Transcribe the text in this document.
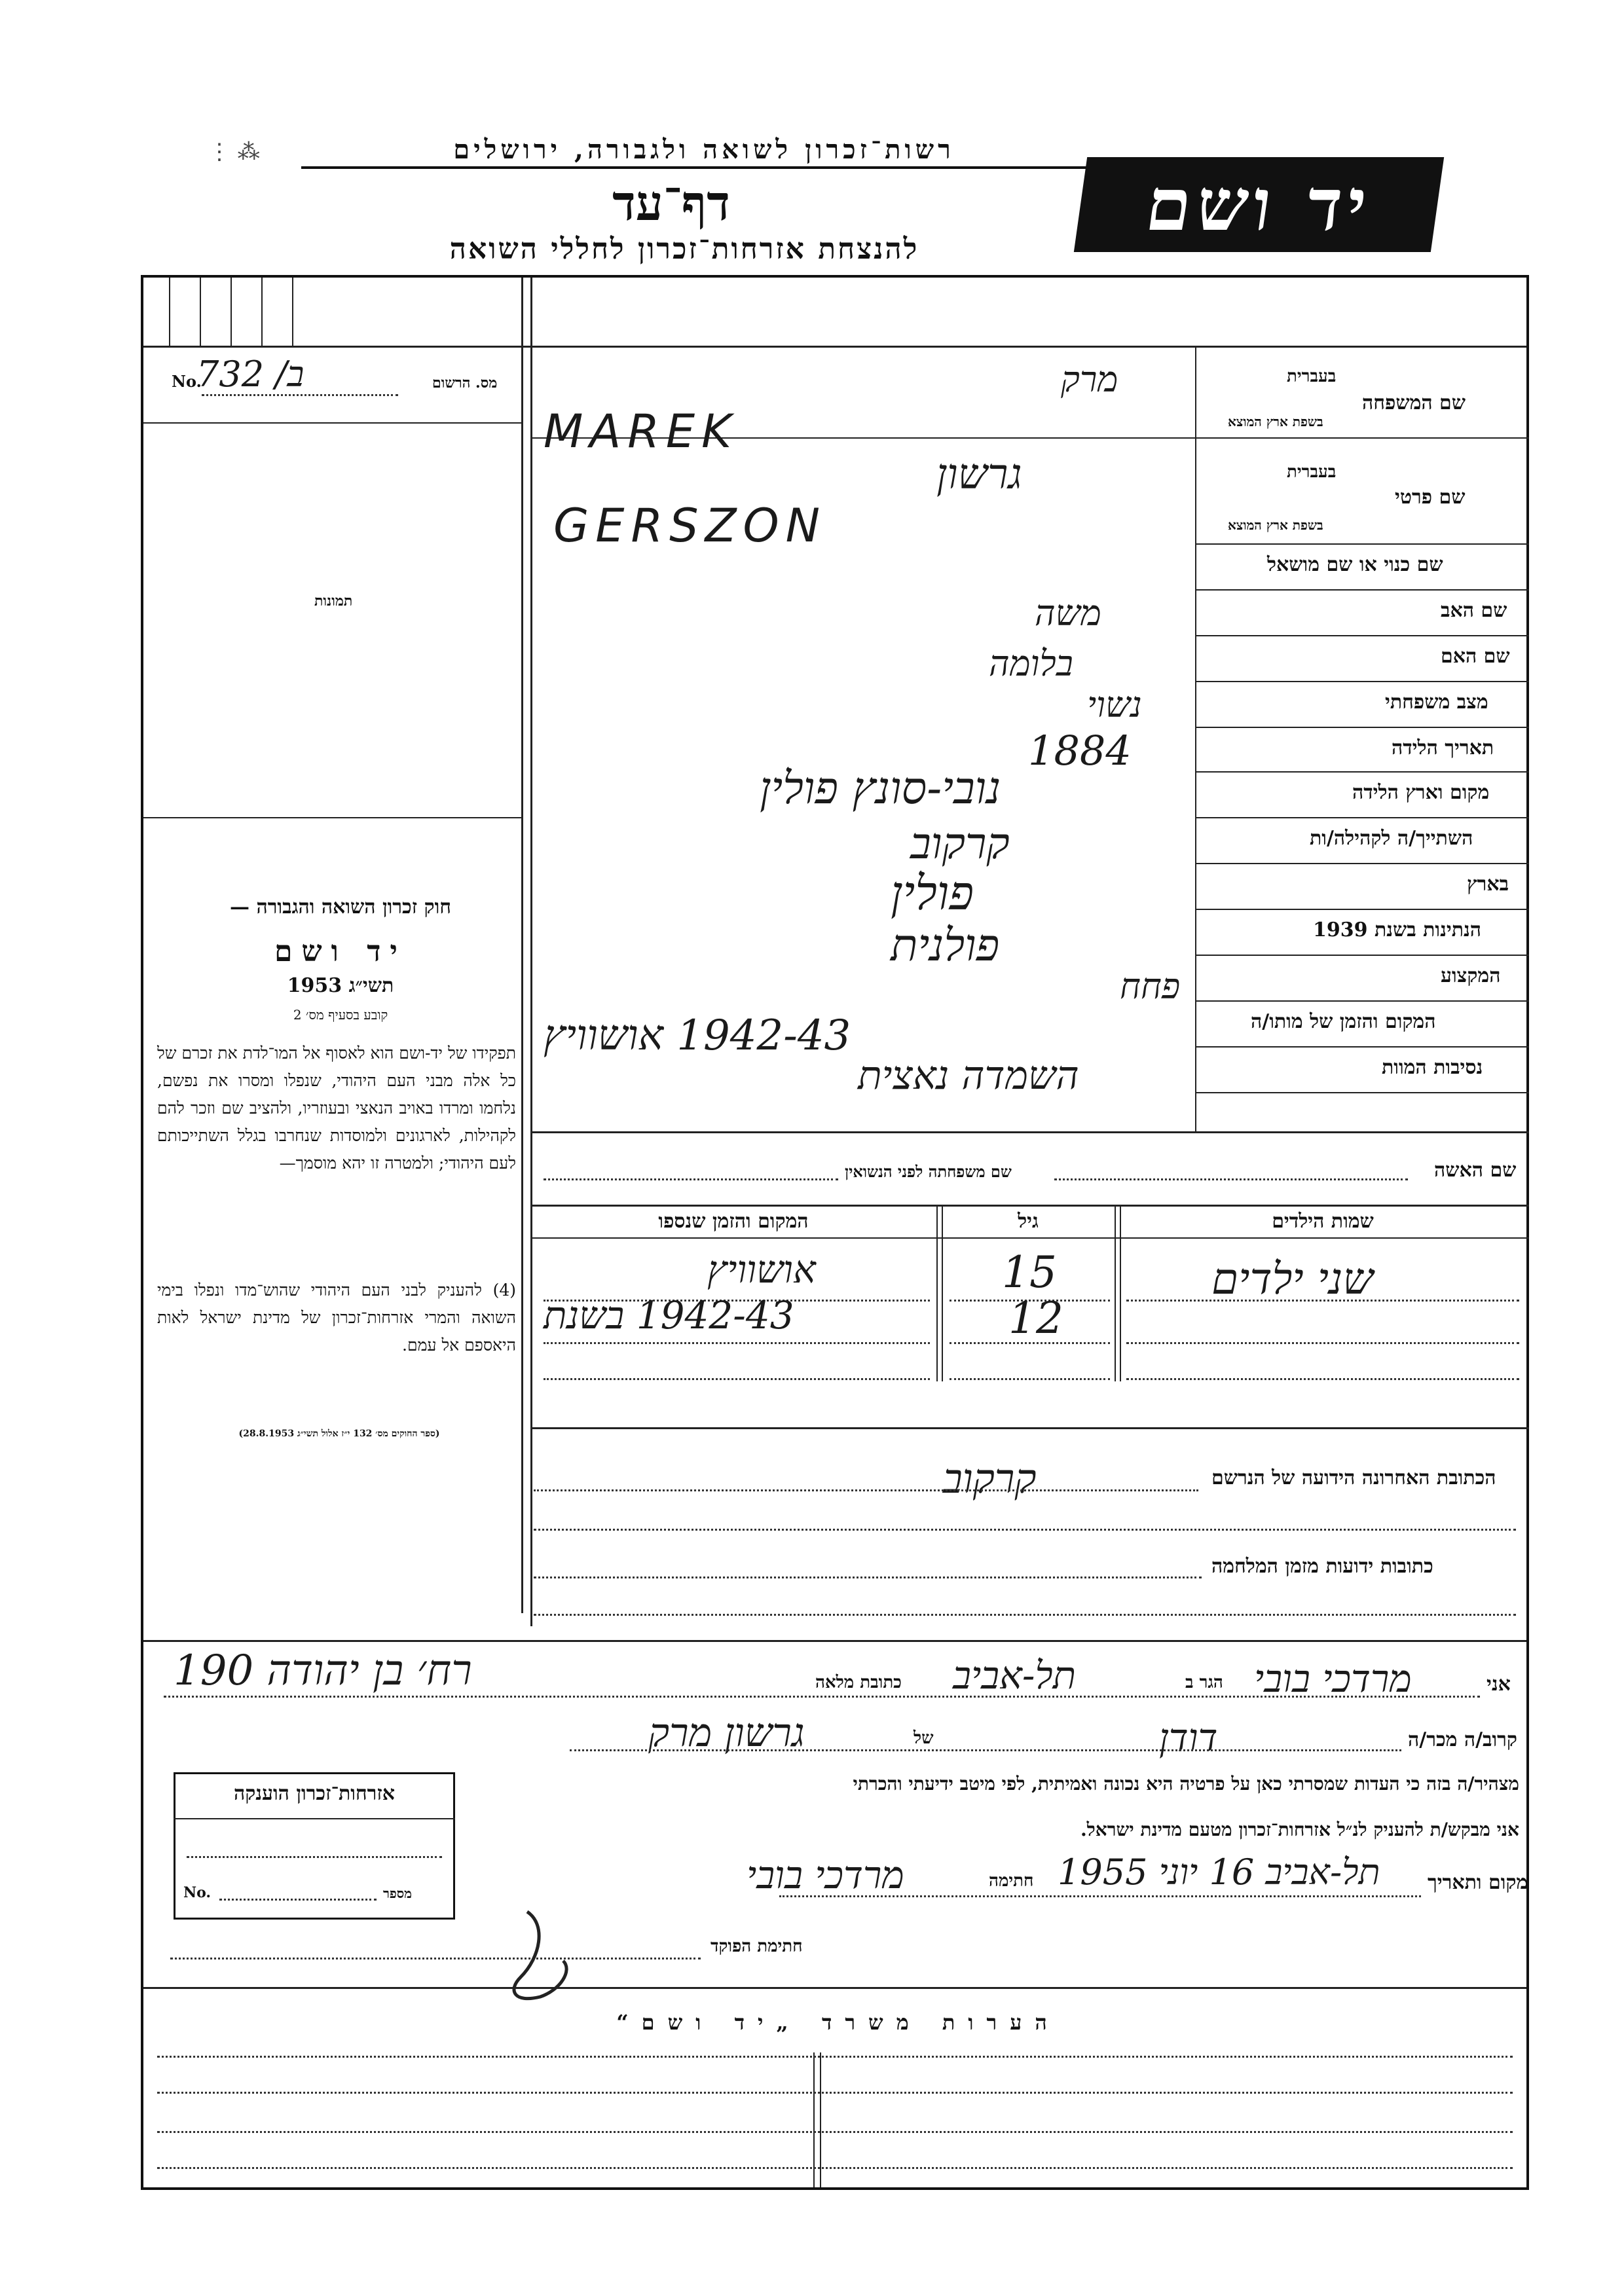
רשות־זכרון לשואה ולגבורה, ירושלים
⋮ ⁂
דף־עד
להנצחת אזרחות־זכרון לחללי השואה
יד ושם
No.
ב/ 732	מס. הרשום
תמונות
חוק זכרון השואה והגבורה —
יד ושם
תשי״ג 1953
קובע בסעיף מס׳ 2
תפקידו של יד-ושם הוא לאסוף אל המו־לדת את זכרם של כל אלה מבני העם היהודי, שנפלו ומסרו את נפשם, נלחמו ומרדו באויב הנאצי ובעוזריו, ולהציב שם וזכר להם לקהילות, לארגונים ולמוסדות שנחרבו בגלל השתייכותם לעם היהודי; ולמטרה זו יהא מוסמך—
(4) להעניק לבני העם היהודי שהוש־מדו ונפלו בימי השואה והמרי אזרחות־זכרון של מדינת ישראל לאות היאספם אל עמם.
(ספר החוקים מס׳ 132 י״ז אלול תשי״ג 28.8.1953)
שם המשפחה
בעברית
בשפת ארץ המוצא
שם פרטי
בעברית
בשפת ארץ המוצא
שם כנוי או שם מושאל
שם האב
שם האם
מצב משפחתי
תאריך הלידה
מקום וארץ הלידה
השתייך/ה לקהילה/ות
בארץ
הנתינות בשנת 1939
המקצוע
המקום והזמן של מותו/ה
נסיבות המוות
מרק
MAREK
גרשון
GERSZON
משה
בלומה
נשוי
1884
נובי-סונץ פולין
קרקוב
פולין
פולנית
פחח
1942-43 אושוויץ
השמדה נאצית
שם האשה
שם משפחתה לפני הנשואין
שמות הילדים
גיל
המקום והזמן שנספו
שני ילדים
15
12
אושוויץ
1942-43 בשנת
הכתובת האחרונה הידועה של הנרשם
קרקוב
כתובות ידועות מזמן המלחמה
אני
מרדכי בובי
הגר ב
תל-אביב
כתובת מלאה
רח׳ בן יהודה 190
קרוב/ה מכר/ה
דודן
של
גרשון מרק
מצהיר/ה בזה כי העדות שמסרתי כאן על פרטיה היא נכונה ואמיתית, לפי מיטב ידיעתי והכרתי
אני מבקש/ת להעניק לנ״ל אזרחות־זכרון מטעם מדינת ישראל.
מקום ותאריך
תל-אביב 16 יוני 1955
חתימה
מרדכי בובי
חתימת הפוקד
אזרחות־זכרון הוענקה
No.	מספר
הערות משרד „יד ושם“
